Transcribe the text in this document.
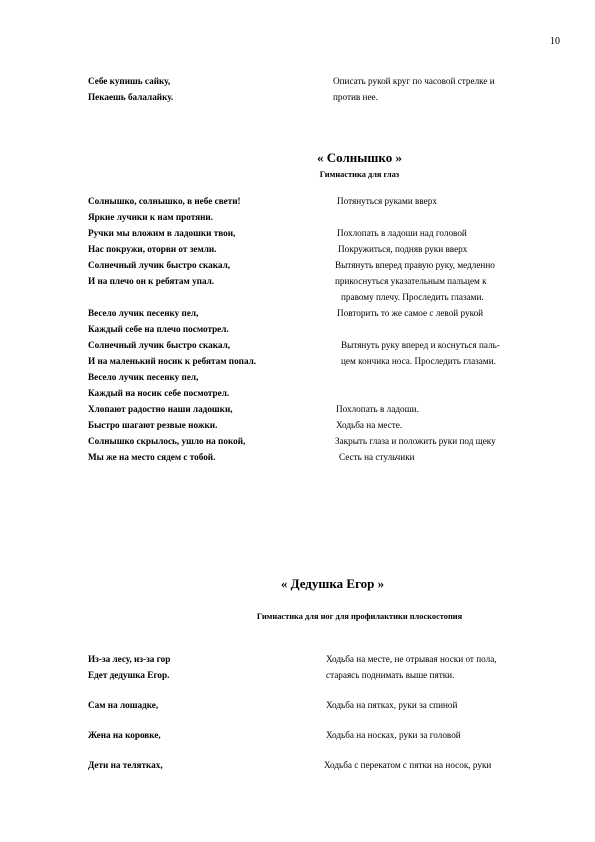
10
Себе купишь сайку,	Описать рукой круг по часовой стрелке и
Пекаешь балалайку.	против нее.
« Солнышко »
Гимнастика для глаз
Солнышко, солнышко, в небе свети!	Потянуться руками вверх
Яркие лучики к нам протяни.
Ручки мы вложим в ладошки твои,	Похлопать в ладоши над головой
Нас покружи, оторви от земли.	Покружиться, подняв руки вверх
Солнечный лучик быстро скакал,	Вытянуть вперед правую руку, медленно
И на плечо он к ребятам упал.	прикоснуться указательным пальцем к
правому плечу. Проследить глазами.
Весело лучик песенку пел,	Повторить то же самое с левой рукой
Каждый себе на плечо посмотрел.
Солнечный лучик быстро скакал,	Вытянуть руку вперед и коснуться паль-
И на маленький носик к ребятам попал.	цем кончика носа. Проследить глазами.
Весело лучик песенку пел,
Каждый на носик себе посмотрел.
Хлопают радостно наши ладошки,	Похлопать в ладоши.
Быстро шагают резвые ножки.	Ходьба на месте.
Солнышко скрылось, ушло на покой,	Закрыть глаза и положить руки под щеку
Мы же на место сядем с тобой.	Сесть на стульчики
« Дедушка Егор »
Гимнастика для ног для профилактики плоскостопия
Из-за лесу, из-за гор	Ходьба на месте, не отрывая носки от пола,
Едет дедушка Егор.	стараясь поднимать выше пятки.
Сам на лошадке,	Ходьба на пятках, руки за спиной
Жена на коровке,	Ходьба на носках, руки за головой
Дети на телятках,	Ходьба с перекатом с пятки на носок, руки
